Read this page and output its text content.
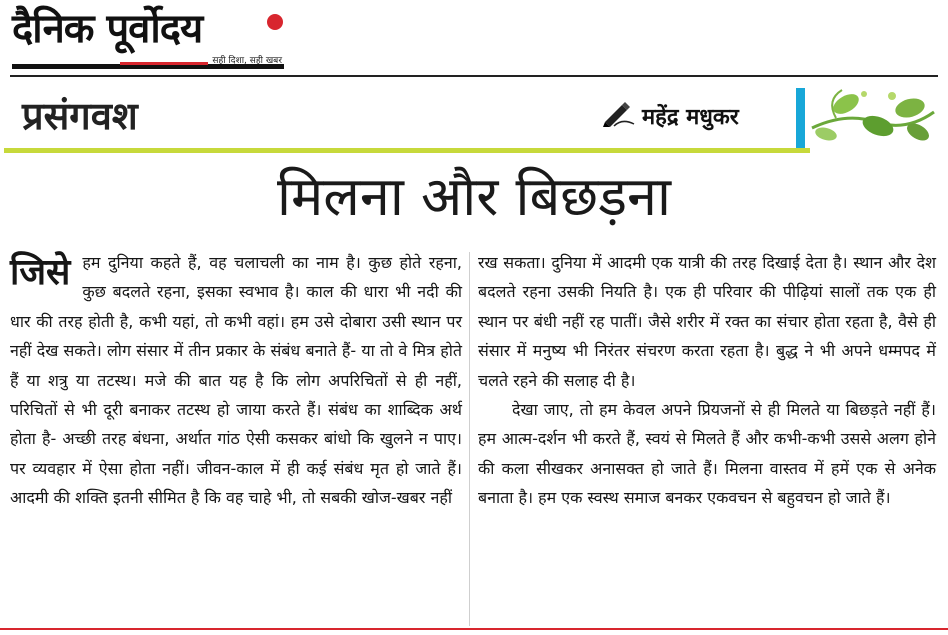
दैनिक पूर्वोदय
सही दिशा, सही खबर
प्रसंगवश	महेंद्र मधुकर
मिलना और बिछड़ना
जिसे हम दुनिया कहते हैं, वह चलाचली का नाम है। कुछ होते रहना, कुछ बदलते रहना, इसका स्वभाव है। काल की धारा भी नदी की धार की तरह होती है, कभी यहां, तो कभी वहां। हम उसे दोबारा उसी स्थान पर नहीं देख सकते। लोग संसार में तीन प्रकार के संबंध बनाते हैं- या तो वे मित्र होते हैं या शत्रु या तटस्थ। मजे की बात यह है कि लोग अपरिचितों से ही नहीं, परिचितों से भी दूरी बनाकर तटस्थ हो जाया करते हैं। संबंध का शाब्दिक अर्थ होता है- अच्छी तरह बंधना, अर्थात गांठ ऐसी कसकर बांधो कि खुलने न पाए। पर व्यवहार में ऐसा होता नहीं। जीवन-काल में ही कई संबंध मृत हो जाते हैं। आदमी की शक्ति इतनी सीमित है कि वह चाहे भी, तो सबकी खोज-खबर नहीं

रख सकता। दुनिया में आदमी एक यात्री की तरह दिखाई देता है। स्थान और देश बदलते रहना उसकी नियति है। एक ही परिवार की पीढ़ियां सालों तक एक ही स्थान पर बंधी नहीं रह पातीं। जैसे शरीर में रक्त का संचार होता रहता है, वैसे ही संसार में मनुष्य भी निरंतर संचरण करता रहता है। बुद्ध ने भी अपने धम्मपद में चलते रहने की सलाह दी है।

देखा जाए, तो हम केवल अपने प्रियजनों से ही मिलते या बिछड़ते नहीं हैं। हम आत्म-दर्शन भी करते हैं, स्वयं से मिलते हैं और कभी-कभी उससे अलग होने की कला सीखकर अनासक्त हो जाते हैं। मिलना वास्तव में हमें एक से अनेक बनाता है। हम एक स्वस्थ समाज बनकर एकवचन से बहुवचन हो जाते हैं।
